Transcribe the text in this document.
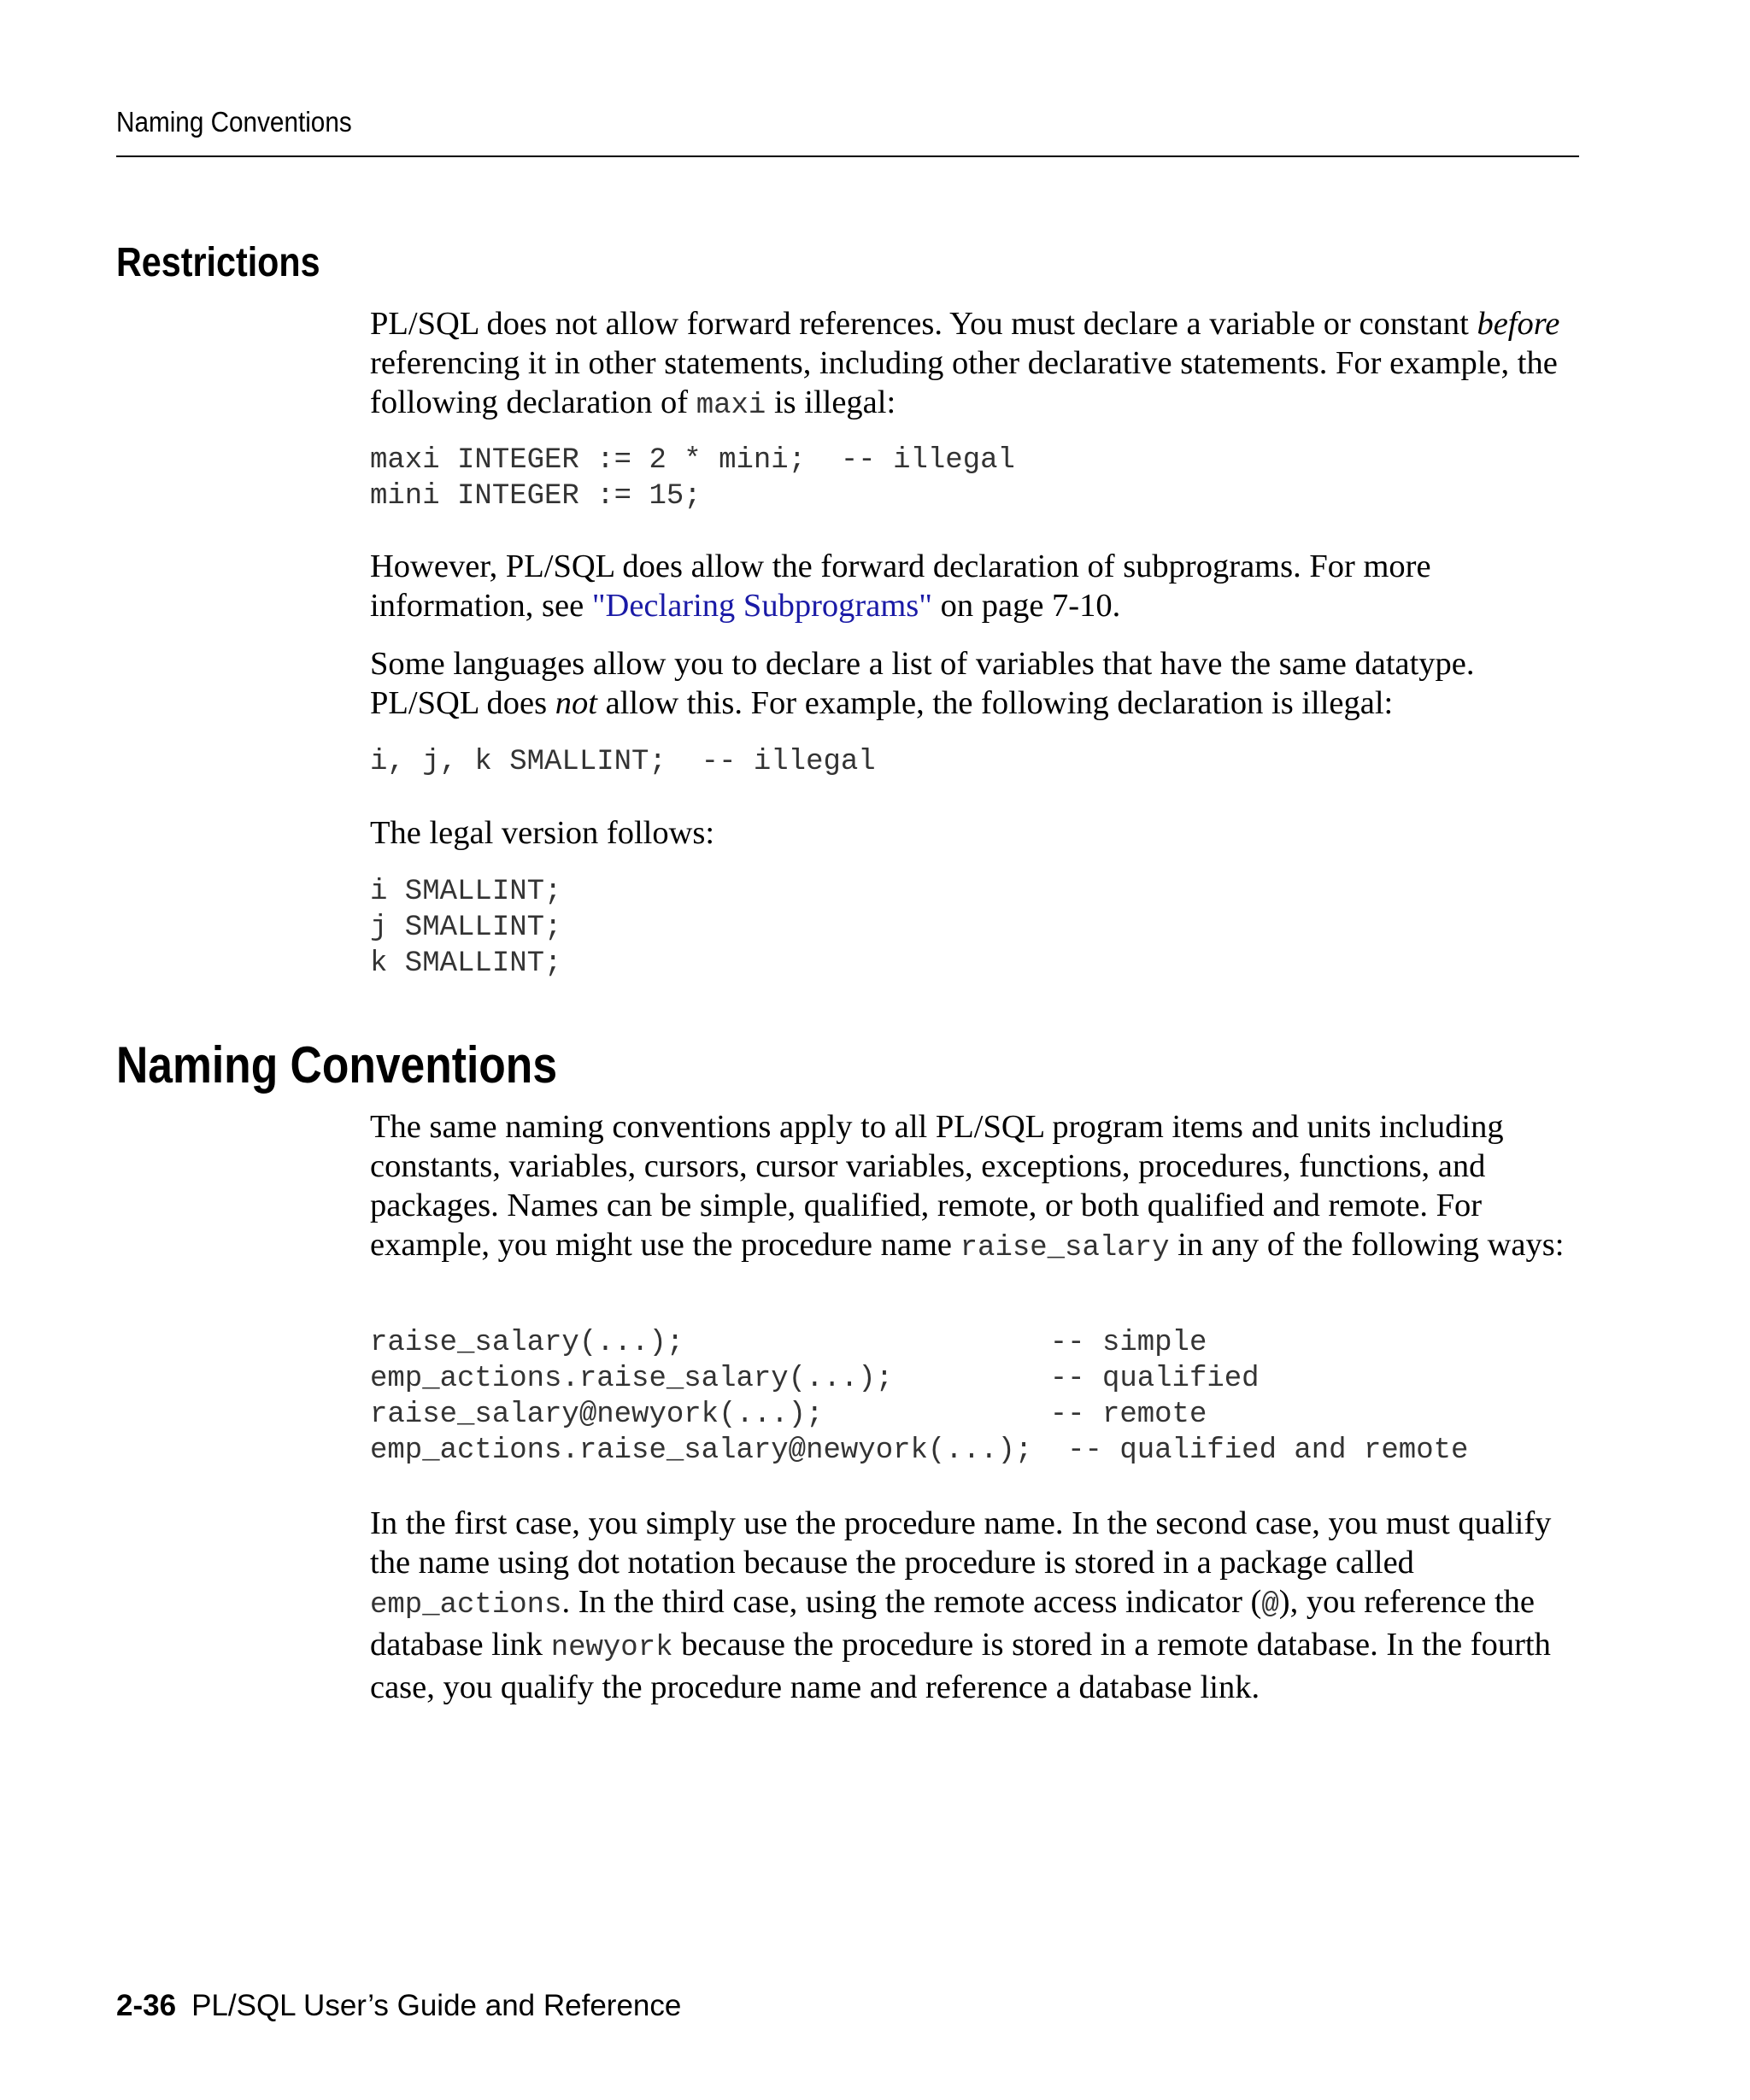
Naming Conventions
Restrictions

PL/SQL does not allow forward references. You must declare a variable or constant before referencing it in other statements, including other declarative statements. For example, the following declaration of maxi is illegal:

maxi INTEGER := 2 * mini;  -- illegal
mini INTEGER := 15;

However, PL/SQL does allow the forward declaration of subprograms. For more information, see "Declaring Subprograms" on page 7-10.

Some languages allow you to declare a list of variables that have the same datatype. PL/SQL does not allow this. For example, the following declaration is illegal:

i, j, k SMALLINT;  -- illegal

The legal version follows:

i SMALLINT;
j SMALLINT;
k SMALLINT;
Naming Conventions

The same naming conventions apply to all PL/SQL program items and units including constants, variables, cursors, cursor variables, exceptions, procedures, functions, and packages. Names can be simple, qualified, remote, or both qualified and remote. For example, you might use the procedure name raise_salary in any of the following ways:

raise_salary(...);                     -- simple
emp_actions.raise_salary(...);         -- qualified
raise_salary@newyork(...);             -- remote
emp_actions.raise_salary@newyork(...);  -- qualified and remote

In the first case, you simply use the procedure name. In the second case, you must qualify the name using dot notation because the procedure is stored in a package called emp_actions. In the third case, using the remote access indicator (@), you reference the database link newyork because the procedure is stored in a remote database. In the fourth case, you qualify the procedure name and reference a database link.

2-36 PL/SQL User’s Guide and Reference
